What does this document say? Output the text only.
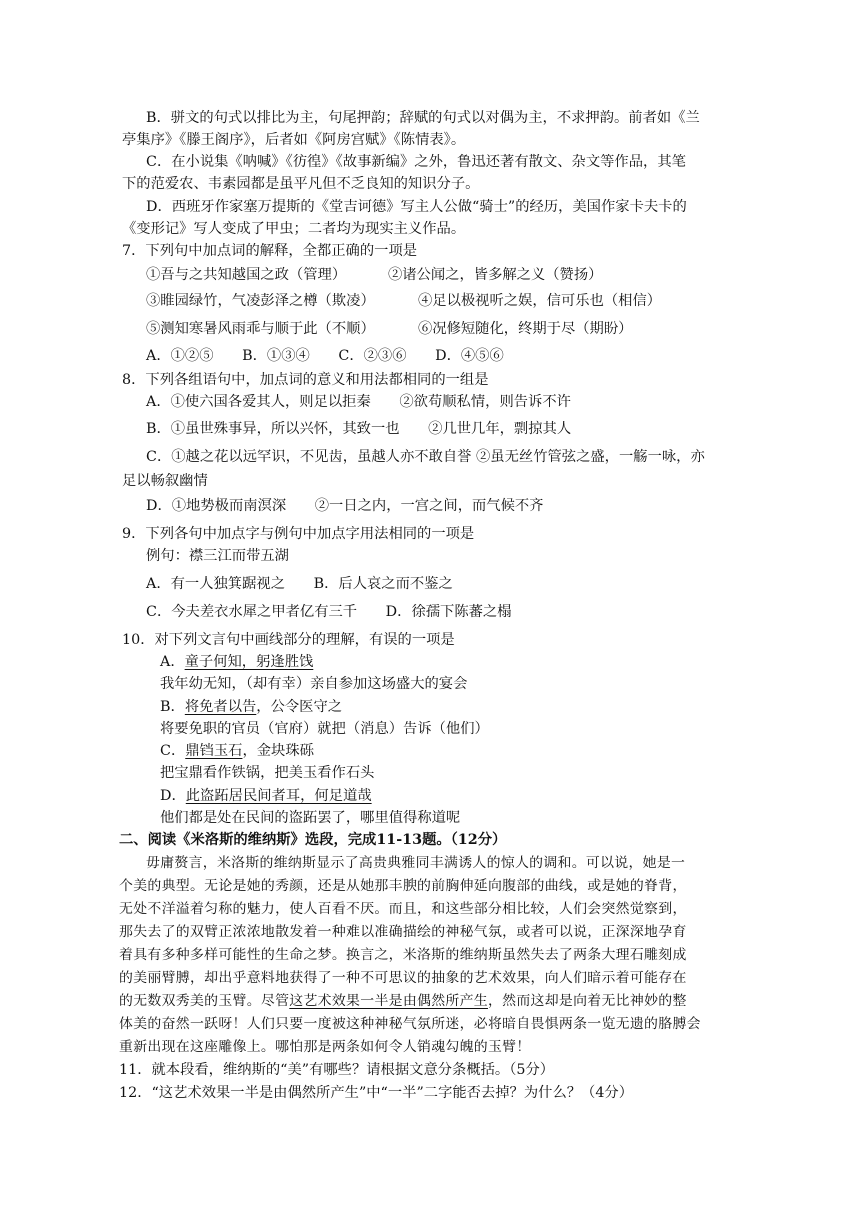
B．骈文的句式以排比为主，句尾押韵；辞赋的句式以对偶为主，不求押韵。前者如《兰
亭集序》《滕王阁序》，后者如《阿房宫赋》《陈情表》。
C．在小说集《呐喊》《彷徨》《故事新编》之外，鲁迅还著有散文、杂文等作品，其笔
下的范爱农、韦素园都是虽平凡但不乏良知的知识分子。
D．西班牙作家塞万提斯的《堂吉诃德》写主人公做“骑士”的经历，美国作家卡夫卡的
《变形记》写人变成了甲虫；二者均为现实主义作品。
7．下列句中加点词的解释，全都正确的一项是
①吾与之共知越国之政（管理）	②诸公闻之，皆多解之义（赞扬）
③睢园绿竹，气凌彭泽之樽（欺凌）	④足以极视听之娱，信可乐也（相信）
⑤测知寒暑风雨乖与顺于此（不顺）	⑥况修短随化，终期于尽（期盼）
A．①②⑤　　B．①③④　　C．②③⑥　　D．④⑤⑥
8．下列各组语句中，加点词的意义和用法都相同的一组是
A．①使六国各爱其人，则足以拒秦　　②欲苟顺私情，则告诉不许
B．①虽世殊事异，所以兴怀，其致一也　　②几世几年，剽掠其人
C．①越之花以远罕识，不见齿，虽越人亦不敢自誉 ②虽无丝竹管弦之盛，一觞一咏，亦
足以畅叙幽情
D．①地势极而南溟深　　②一日之内，一宫之间，而气候不齐
9．下列各句中加点字与例句中加点字用法相同的一项是
例句：襟三江而带五湖
A．有一人独箕踞视之　　B．后人哀之而不鉴之
C．今夫差衣水犀之甲者亿有三千　　D．徐孺下陈蕃之榻
10．对下列文言句中画线部分的理解，有误的一项是
A．童子何知，躬逢胜饯
我年幼无知，（却有幸）亲自参加这场盛大的宴会
B．将免者以告，公令医守之
将要免职的官员（官府）就把（消息）告诉（他们）
C．鼎铛玉石，金块珠砾
把宝鼎看作铁锅，把美玉看作石头
D．此盗跖居民间者耳，何足道哉
他们都是处在民间的盗跖罢了，哪里值得称道呢
二、阅读《米洛斯的维纳斯》选段，完成11-13题。（12分）
毋庸赘言，米洛斯的维纳斯显示了高贵典雅同丰满诱人的惊人的调和。可以说，她是一
个美的典型。无论是她的秀颜，还是从她那丰腴的前胸伸延向腹部的曲线，或是她的脊背，
无处不洋溢着匀称的魅力，使人百看不厌。而且，和这些部分相比较，人们会突然觉察到，
那失去了的双臂正浓浓地散发着一种难以准确描绘的神秘气氛，或者可以说，正深深地孕育
着具有多种多样可能性的生命之梦。换言之，米洛斯的维纳斯虽然失去了两条大理石雕刻成
的美丽臂膊，却出乎意料地获得了一种不可思议的抽象的艺术效果，向人们暗示着可能存在
的无数双秀美的玉臂。尽管这艺术效果一半是由偶然所产生，然而这却是向着无比神妙的整
体美的奋然一跃呀！人们只要一度被这种神秘气氛所迷，必将暗自畏惧两条一览无遗的胳膊会
重新出现在这座雕像上。哪怕那是两条如何令人销魂勾魄的玉臂！
11．就本段看，维纳斯的“美”有哪些？请根据文意分条概括。（5分）
12．“这艺术效果一半是由偶然所产生”中“一半”二字能否去掉？为什么？（4分）
